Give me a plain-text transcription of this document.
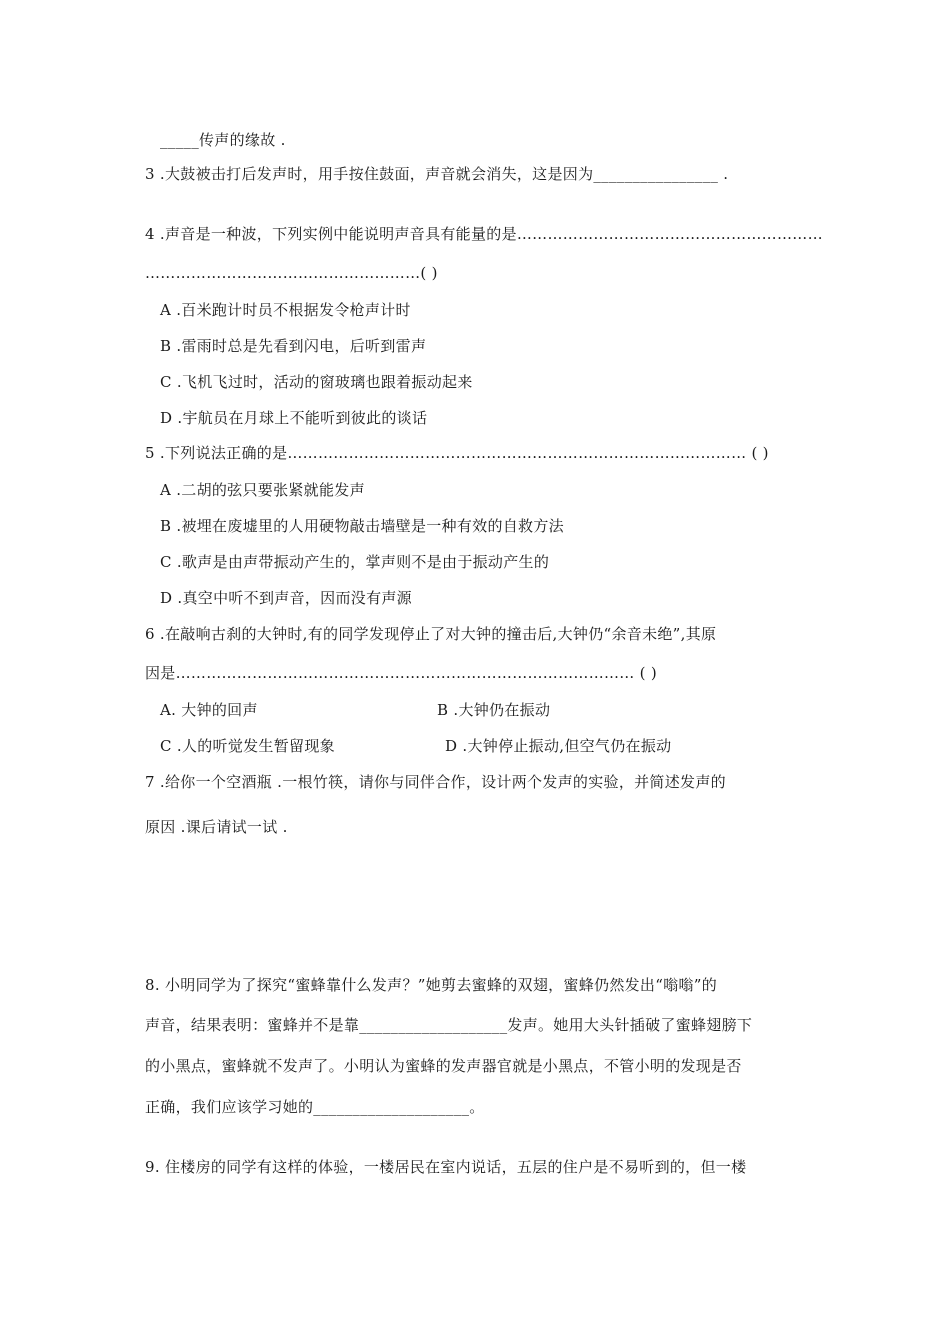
_____传声的缘故 .
3 .大鼓被击打后发声时，用手按住鼓面，声音就会消失，这是因为________________ .
4 .声音是一种波，下列实例中能说明声音具有能量的是……………………………………………………
………………………………………………( )
A .百米跑计时员不根据发令枪声计时
B .雷雨时总是先看到闪电，后听到雷声
C .飞机飞过时，活动的窗玻璃也跟着振动起来
D .宇航员在月球上不能听到彼此的谈话
5 .下列说法正确的是……………………………………………………………………………… ( )
A .二胡的弦只要张紧就能发声
B .被埋在废墟里的人用硬物敲击墙壁是一种有效的自救方法
C .歌声是由声带振动产生的，掌声则不是由于振动产生的
D .真空中听不到声音，因而没有声源
6 .在敲响古刹的大钟时,有的同学发现停止了对大钟的撞击后,大钟仍“余音未绝”,其原
因是……………………………………………………………………………… ( )
A. 大钟的回声	B .大钟仍在振动
C .人的听觉发生暂留现象	D .大钟停止振动,但空气仍在振动
7 .给你一个空酒瓶 .一根竹筷，请你与同伴合作，设计两个发声的实验，并简述发声的
原因 .课后请试一试 .
8. 小明同学为了探究“蜜蜂靠什么发声？”她剪去蜜蜂的双翅，蜜蜂仍然发出“嗡嗡”的
声音，结果表明：蜜蜂并不是靠___________________发声。她用大头针插破了蜜蜂翅膀下
的小黑点，蜜蜂就不发声了。小明认为蜜蜂的发声器官就是小黑点，不管小明的发现是否
正确，我们应该学习她的____________________。
9. 住楼房的同学有这样的体验，一楼居民在室内说话，五层的住户是不易听到的，但一楼
